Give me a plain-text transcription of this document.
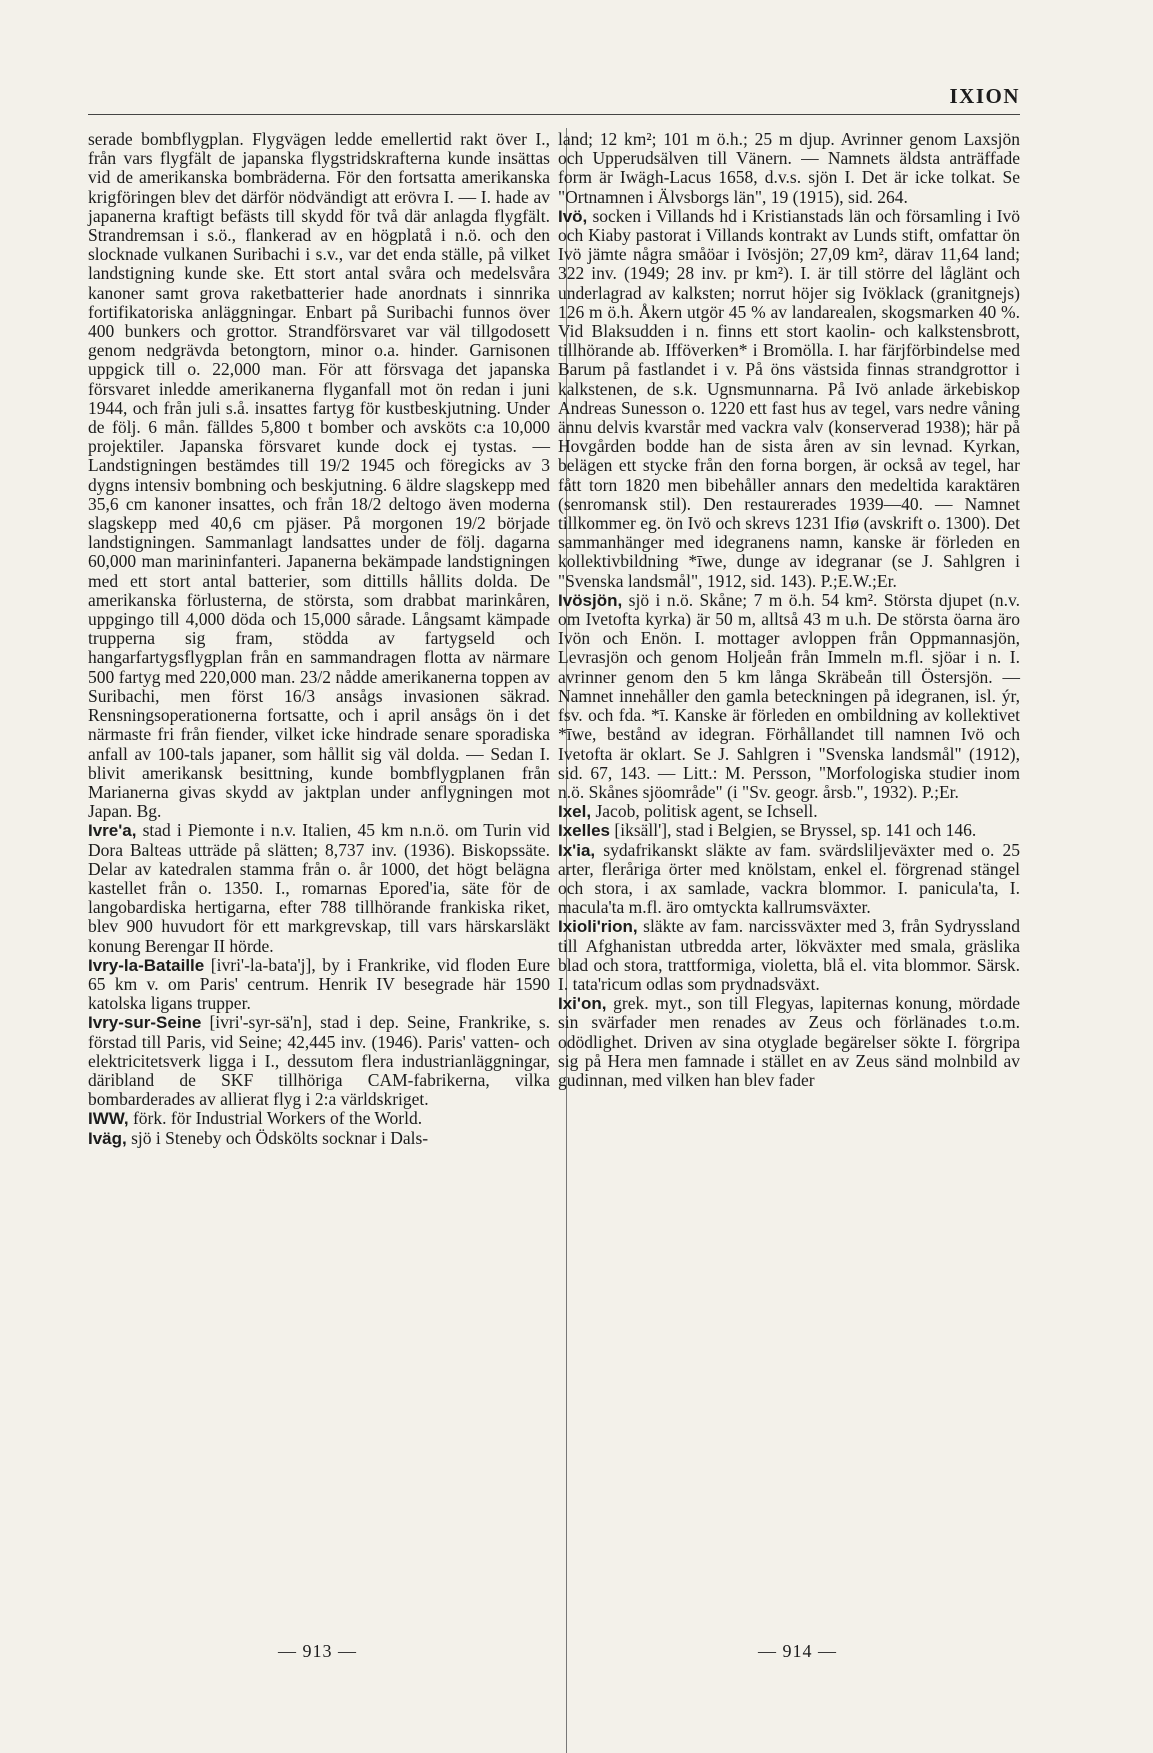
IXION

serade bombflygplan. Flygvägen ledde emellertid rakt över I., från vars flygfält de japanska flygstridskrafterna kunde insättas vid de amerikanska bombräderna. För den fortsatta amerikanska krigföringen blev det därför nödvändigt att erövra I. — I. hade av japanerna kraftigt befästs till skydd för två där anlagda flygfält. Strandremsan i s.ö., flankerad av en högplatå i n.ö. och den slocknade vulkanen Suribachi i s.v., var det enda ställe, på vilket landstigning kunde ske. Ett stort antal svåra och medelsvåra kanoner samt grova raketbatterier hade anordnats i sinnrika fortifikatoriska anläggningar. Enbart på Suribachi funnos över 400 bunkers och grottor. Strandförsvaret var väl tillgodosett genom nedgrävda betongtorn, minor o.a. hinder. Garnisonen uppgick till o. 22,000 man. För att försvaga det japanska försvaret inledde amerikanerna flyganfall mot ön redan i juni 1944, och från juli s.å. insattes fartyg för kustbeskjutning. Under de följ. 6 mån. fälldes 5,800 t bomber och avsköts c:a 10,000 projektiler. Japanska försvaret kunde dock ej tystas. — Landstigningen bestämdes till 19/2 1945 och föregicks av 3 dygns intensiv bombning och beskjutning. 6 äldre slagskepp med 35,6 cm kanoner insattes, och från 18/2 deltogo även moderna slagskepp med 40,6 cm pjäser. På morgonen 19/2 började landstigningen. Sammanlagt landsattes under de följ. dagarna 60,000 man marininfanteri. Japanerna bekämpade landstigningen med ett stort antal batterier, som dittills hållits dolda. De amerikanska förlusterna, de största, som drabbat marinkåren, uppgingo till 4,000 döda och 15,000 sårade. Långsamt kämpade trupperna sig fram, stödda av fartygseld och hangarfartygsflygplan från en sammandragen flotta av närmare 500 fartyg med 220,000 man. 23/2 nådde amerikanerna toppen av Suribachi, men först 16/3 ansågs invasionen säkrad. Rensningsoperationerna fortsatte, och i april ansågs ön i det närmaste fri från fiender, vilket icke hindrade senare sporadiska anfall av 100-tals japaner, som hållit sig väl dolda. — Sedan I. blivit amerikansk besittning, kunde bombflygplanen från Marianerna givas skydd av jaktplan under anflygningen mot Japan. Bg.

Ivre'a, stad i Piemonte i n.v. Italien, 45 km n.n.ö. om Turin vid Dora Balteas utträde på slätten; 8,737 inv. (1936). Biskopssäte. Delar av katedralen stamma från o. år 1000, det högt belägna kastellet från o. 1350. I., romarnas Epored'ia, säte för de langobardiska hertigarna, efter 788 tillhörande frankiska riket, blev 900 huvudort för ett markgrevskap, till vars härskarsläkt konung Berengar II hörde.

Ivry-la-Bataille [ivri'-la-bata'j], by i Frankrike, vid floden Eure 65 km v. om Paris' centrum. Henrik IV besegrade här 1590 katolska ligans trupper.

Ivry-sur-Seine [ivri'-syr-sä'n], stad i dep. Seine, Frankrike, s. förstad till Paris, vid Seine; 42,445 inv. (1946). Paris' vatten- och elektricitetsverk ligga i I., dessutom flera industrianläggningar, däribland de SKF tillhöriga CAM-fabrikerna, vilka bombarderades av allierat flyg i 2:a världskriget.

IWW, förk. för Industrial Workers of the World.

Iväg, sjö i Steneby och Ödskölts socknar i Dals-

land; 12 km²; 101 m ö.h.; 25 m djup. Avrinner genom Laxsjön och Upperudsälven till Vänern. — Namnets äldsta anträffade form är Iwägh-Lacus 1658, d.v.s. sjön I. Det är icke tolkat. Se "Ortnamnen i Älvsborgs län", 19 (1915), sid. 264.

Ivö, socken i Villands hd i Kristianstads län och församling i Ivö och Kiaby pastorat i Villands kontrakt av Lunds stift, omfattar ön Ivö jämte några småöar i Ivösjön; 27,09 km², därav 11,64 land; 322 inv. (1949; 28 inv. pr km²). I. är till större del låglänt och underlagrad av kalksten; norrut höjer sig Ivöklack (granitgnejs) 126 m ö.h. Åkern utgör 45 % av landarealen, skogsmarken 40 %. Vid Blaksudden i n. finns ett stort kaolin- och kalkstensbrott, tillhörande ab. Ifföverken* i Bromölla. I. har färjförbindelse med Barum på fastlandet i v. På öns västsida finnas strandgrottor i kalkstenen, de s.k. Ugnsmunnarna. På Ivö anlade ärkebiskop Andreas Sunesson o. 1220 ett fast hus av tegel, vars nedre våning ännu delvis kvarstår med vackra valv (konserverad 1938); här på Hovgården bodde han de sista åren av sin levnad. Kyrkan, belägen ett stycke från den forna borgen, är också av tegel, har fått torn 1820 men bibehåller annars den medeltida karaktären (senromansk stil). Den restaurerades 1939—40. — Namnet tillkommer eg. ön Ivö och skrevs 1231 Ifiø (avskrift o. 1300). Det sammanhänger med idegranens namn, kanske är förleden en kollektivbildning *īwe, dunge av idegranar (se J. Sahlgren i "Svenska landsmål", 1912, sid. 143). P.;E.W.;Er.

Ivösjön, sjö i n.ö. Skåne; 7 m ö.h. 54 km². Största djupet (n.v. om Ivetofta kyrka) är 50 m, alltså 43 m u.h. De största öarna äro Ivön och Enön. I. mottager avloppen från Oppmannasjön, Levrasjön och genom Holjeån från Immeln m.fl. sjöar i n. I. avrinner genom den 5 km långa Skräbeån till Östersjön. — Namnet innehåller den gamla beteckningen på idegranen, isl. ýr, fsv. och fda. *ī. Kanske är förleden en ombildning av kollektivet *īwe, bestånd av idegran. Förhållandet till namnen Ivö och Ivetofta är oklart. Se J. Sahlgren i "Svenska landsmål" (1912), sid. 67, 143. — Litt.: M. Persson, "Morfologiska studier inom n.ö. Skånes sjöområde" (i "Sv. geogr. årsb.", 1932). P.;Er.

Ixel, Jacob, politisk agent, se Ichsell.

Ixelles [iksäll'], stad i Belgien, se Bryssel, sp. 141 och 146.

Ix'ia, sydafrikanskt släkte av fam. svärdsliljeväxter med o. 25 arter, fleråriga örter med knölstam, enkel el. förgrenad stängel och stora, i ax samlade, vackra blommor. I. panicula'ta, I. macula'ta m.fl. äro omtyckta kallrumsväxter.

Ixioli'rion, släkte av fam. narcissväxter med 3, från Sydryssland till Afghanistan utbredda arter, lökväxter med smala, gräslika blad och stora, trattformiga, violetta, blå el. vita blommor. Särsk. I. tata'ricum odlas som prydnadsväxt.

Ixi'on, grek. myt., son till Flegyas, lapiternas konung, mördade sin svärfader men renades av Zeus och förlänades t.o.m. odödlighet. Driven av sina otyglade begärelser sökte I. förgripa sig på Hera men famnade i stället en av Zeus sänd molnbild av gudinnan, med vilken han blev fader

— 913 —	— 914 —
